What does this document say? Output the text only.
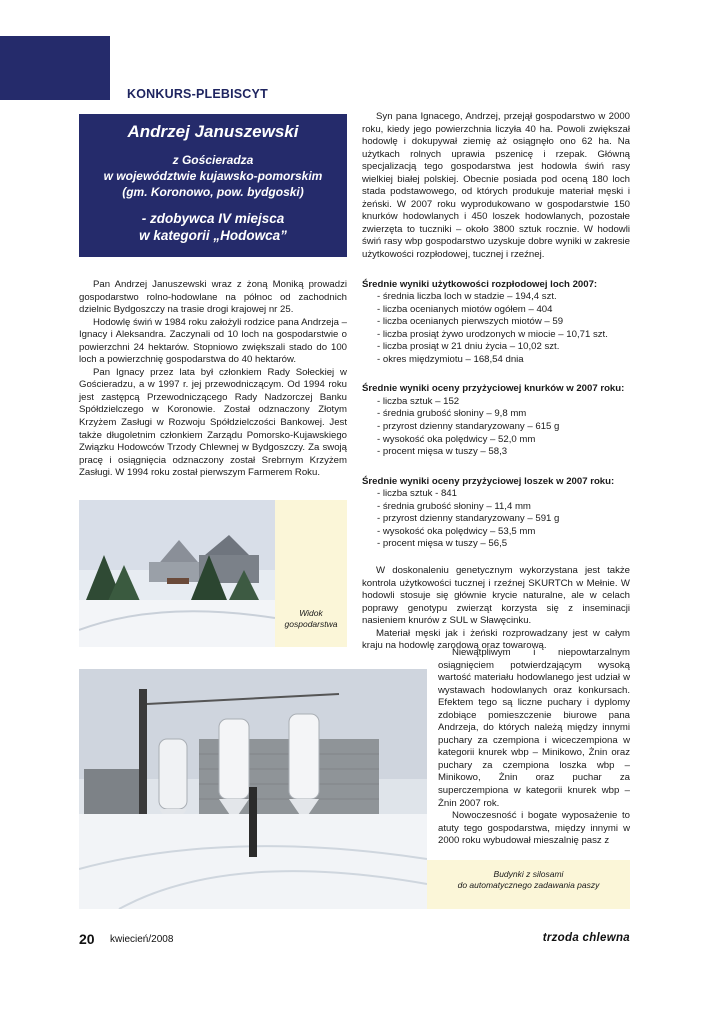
KONKURS-PLEBISCYT
Andrzej Januszewski
z Gościeradza
w województwie kujawsko-pomorskim
(gm. Koronowo, pow. bydgoski)
- zdobywca IV miejsca
w kategorii „Hodowca”

Pan Andrzej Januszewski wraz z żoną Moniką prowadzi gospodarstwo rolno-hodowlane na północ od zachodnich dzielnic Bydgoszczy na trasie drogi krajowej nr 25.

Hodowlę świń w 1984 roku założyli rodzice pana Andrzeja – Ignacy i Aleksandra. Zaczynali od 10 loch na gospodarstwie o powierzchni 24 hektarów. Stopniowo zwiększali stado do 100 loch a powierzchnię gospodarstwa do 40 hektarów.

Pan Ignacy przez lata był członkiem Rady Sołeckiej w Gościeradzu, a w 1997 r. jej przewodniczącym. Od 1994 roku jest zastępcą Przewodniczącego Rady Nadzorczej Banku Spółdzielczego w Koronowie. Został odznaczony Złotym Krzyżem Zasługi w Rozwoju Spółdzielczości Bankowej. Jest także długoletnim członkiem Zarządu Pomorsko-Kujawskiego Związku Hodowców Trzody Chlewnej w Bydgoszczy. Za swoją pracę i osiągnięcia odznaczony został Srebrnym Krzyżem Zasługi. W 1994 roku został pierwszym Farmerem Roku.

Syn pana Ignacego, Andrzej, przejął gospodarstwo w 2000 roku, kiedy jego powierzchnia liczyła 40 ha. Powoli zwiększał hodowlę i dokupywał ziemię aż osiągnęło ono 62 ha. Na użytkach rolnych uprawia pszenicę i rzepak. Główną specjalizacją tego gospodarstwa jest hodowla świń rasy wielkiej białej polskiej. Obecnie posiada pod oceną 180 loch stada podstawowego, od których produkuje materiał męski i żeński. W 2007 roku wyprodukowano w gospodarstwie 150 knurków hodowlanych i 450 loszek hodowlanych, pozostałe zwierzęta to tuczniki – około 3800 sztuk rocznie. W hodowli świń rasy wbp gospodarstwo uzyskuje dobre wyniki w zakresie użytkowości rozpłodowej, tucznej i rzeźnej.

Średnie wyniki użytkowości rozpłodowej loch 2007:

- średnia liczba loch w stadzie – 194,4 szt.
- liczba ocenianych miotów ogółem – 404
- liczba ocenianych pierwszych miotów – 59
- liczba prosiąt żywo urodzonych w miocie – 10,71 szt.
- liczba prosiąt w 21 dniu życia – 10,02 szt.
- okres międzymiotu – 168,54 dnia

Średnie wyniki oceny przyżyciowej knurków w 2007 roku:

- liczba sztuk – 152
- średnia grubość słoniny – 9,8 mm
- przyrost dzienny standaryzowany – 615 g
- wysokość oka polędwicy – 52,0 mm
- procent mięsa w tuszy – 58,3

Średnie wyniki oceny przyżyciowej loszek w 2007 roku:

- liczba sztuk - 841
- średnia grubość słoniny – 11,4 mm
- przyrost dzienny standaryzowany – 591 g
- wysokość oka polędwicy – 53,5 mm
- procent mięsa w tuszy – 56,5

W doskonaleniu genetycznym wykorzystana jest także kontrola użytkowości tucznej i rzeźnej SKURTCh w Mełnie. W hodowli stosuje się głównie krycie naturalne, ale w celach poprawy genotypu zwierząt korzysta się z inseminacji nasieniem knurów z SUL w Sławęcinku.

Materiał męski jak i żeński rozprowadzany jest w całym kraju na hodowlę zarodową oraz towarową.

Niewątpliwym i niepowtarzalnym osiągnięciem potwierdzającym wysoką wartość materiału hodowlanego jest udział w wystawach hodowlanych oraz konkursach. Efektem tego są liczne puchary i dyplomy zdobiące pomieszczenie biurowe pana Andrzeja, do których należą między innymi puchary za czempiona i wiceczempiona w kategorii knurek wbp – Minikowo, Żnin oraz puchary za czempiona loszka wbp – Minikowo, Żnin oraz puchar za superczempiona w kategorii knurek wbp – Żnin 2007 rok.

Nowoczesność i bogate wyposażenie to atuty tego gospodarstwa, między innymi w 2000 roku wybudował mieszalnię pasz z

Widok
gospodarstwa
Budynki z silosami
do automatycznego zadawania paszy
20 kwiecień/2008	trzoda chlewna
